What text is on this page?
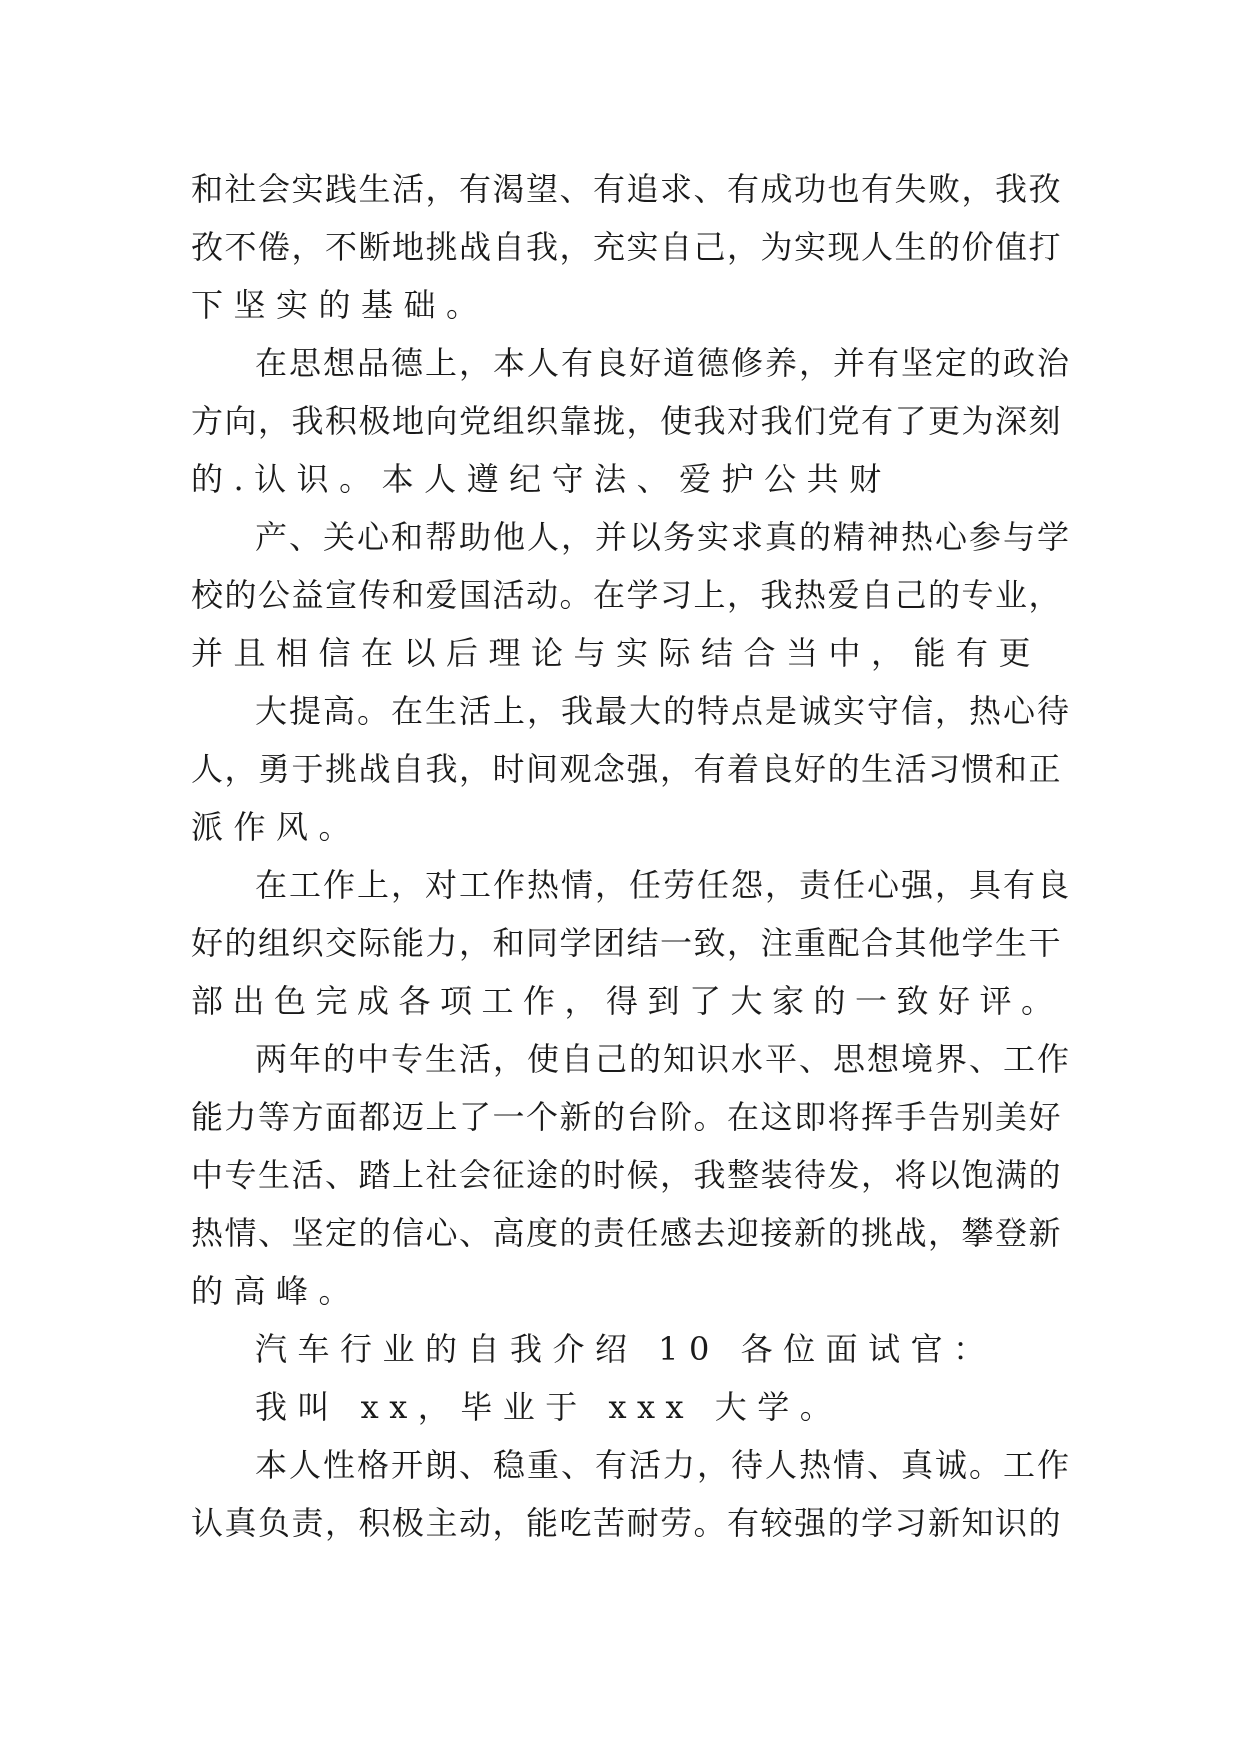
和社会实践生活，有渴望、有追求、有成功也有失败，我孜
孜不倦，不断地挑战自我，充实自己，为实现人生的价值打
下坚实的基础。
在思想品德上，本人有良好道德修养，并有坚定的政治
方向，我积极地向党组织靠拢，使我对我们党有了更为深刻
的.认识。本人遵纪守法、爱护公共财
产、关心和帮助他人，并以务实求真的精神热心参与学
校的公益宣传和爱国活动。在学习上，我热爱自己的专业，
并且相信在以后理论与实际结合当中，能有更
大提高。在生活上，我最大的特点是诚实守信，热心待
人，勇于挑战自我，时间观念强，有着良好的生活习惯和正
派作风。
在工作上，对工作热情，任劳任怨，责任心强，具有良
好的组织交际能力，和同学团结一致，注重配合其他学生干
部出色完成各项工作，得到了大家的一致好评。
两年的中专生活，使自己的知识水平、思想境界、工作
能力等方面都迈上了一个新的台阶。在这即将挥手告别美好
中专生活、踏上社会征途的时候，我整装待发，将以饱满的
热情、坚定的信心、高度的责任感去迎接新的挑战，攀登新
的高峰。
汽车行业的自我介绍 10 各位面试官：
我叫 xx，毕业于 xxx 大学。
本人性格开朗、稳重、有活力，待人热情、真诚。工作
认真负责，积极主动，能吃苦耐劳。有较强的学习新知识的
